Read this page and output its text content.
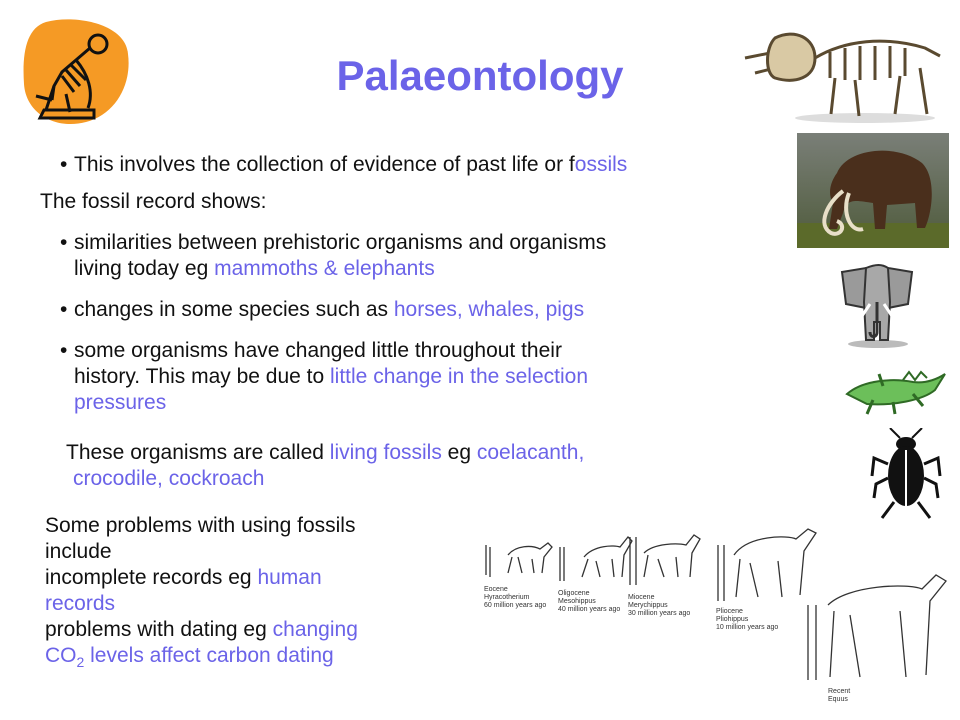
Palaeontology
• This involves the collection of evidence of past life or fossils
The fossil record shows:
• similarities between prehistoric organisms and organisms
living today eg mammoths & elephants
• changes in some species such as horses, whales, pigs
• some organisms have changed little throughout their
history. This may be due to little change in the selection
pressures
These organisms are called living fossils eg coelacanth,
crocodile, cockroach
Some problems with using fossils
include
incomplete records eg human
records
problems with dating eg changing
$CO_2$ levels affect carbon dating
Eocene
Hyracotherium
60 million years ago
Oligocene
Mesohippus
40 million years ago
Miocene
Merychippus
30 million years ago	Pliocene
Pliohippus
10 million years ago
Recent
Equus
